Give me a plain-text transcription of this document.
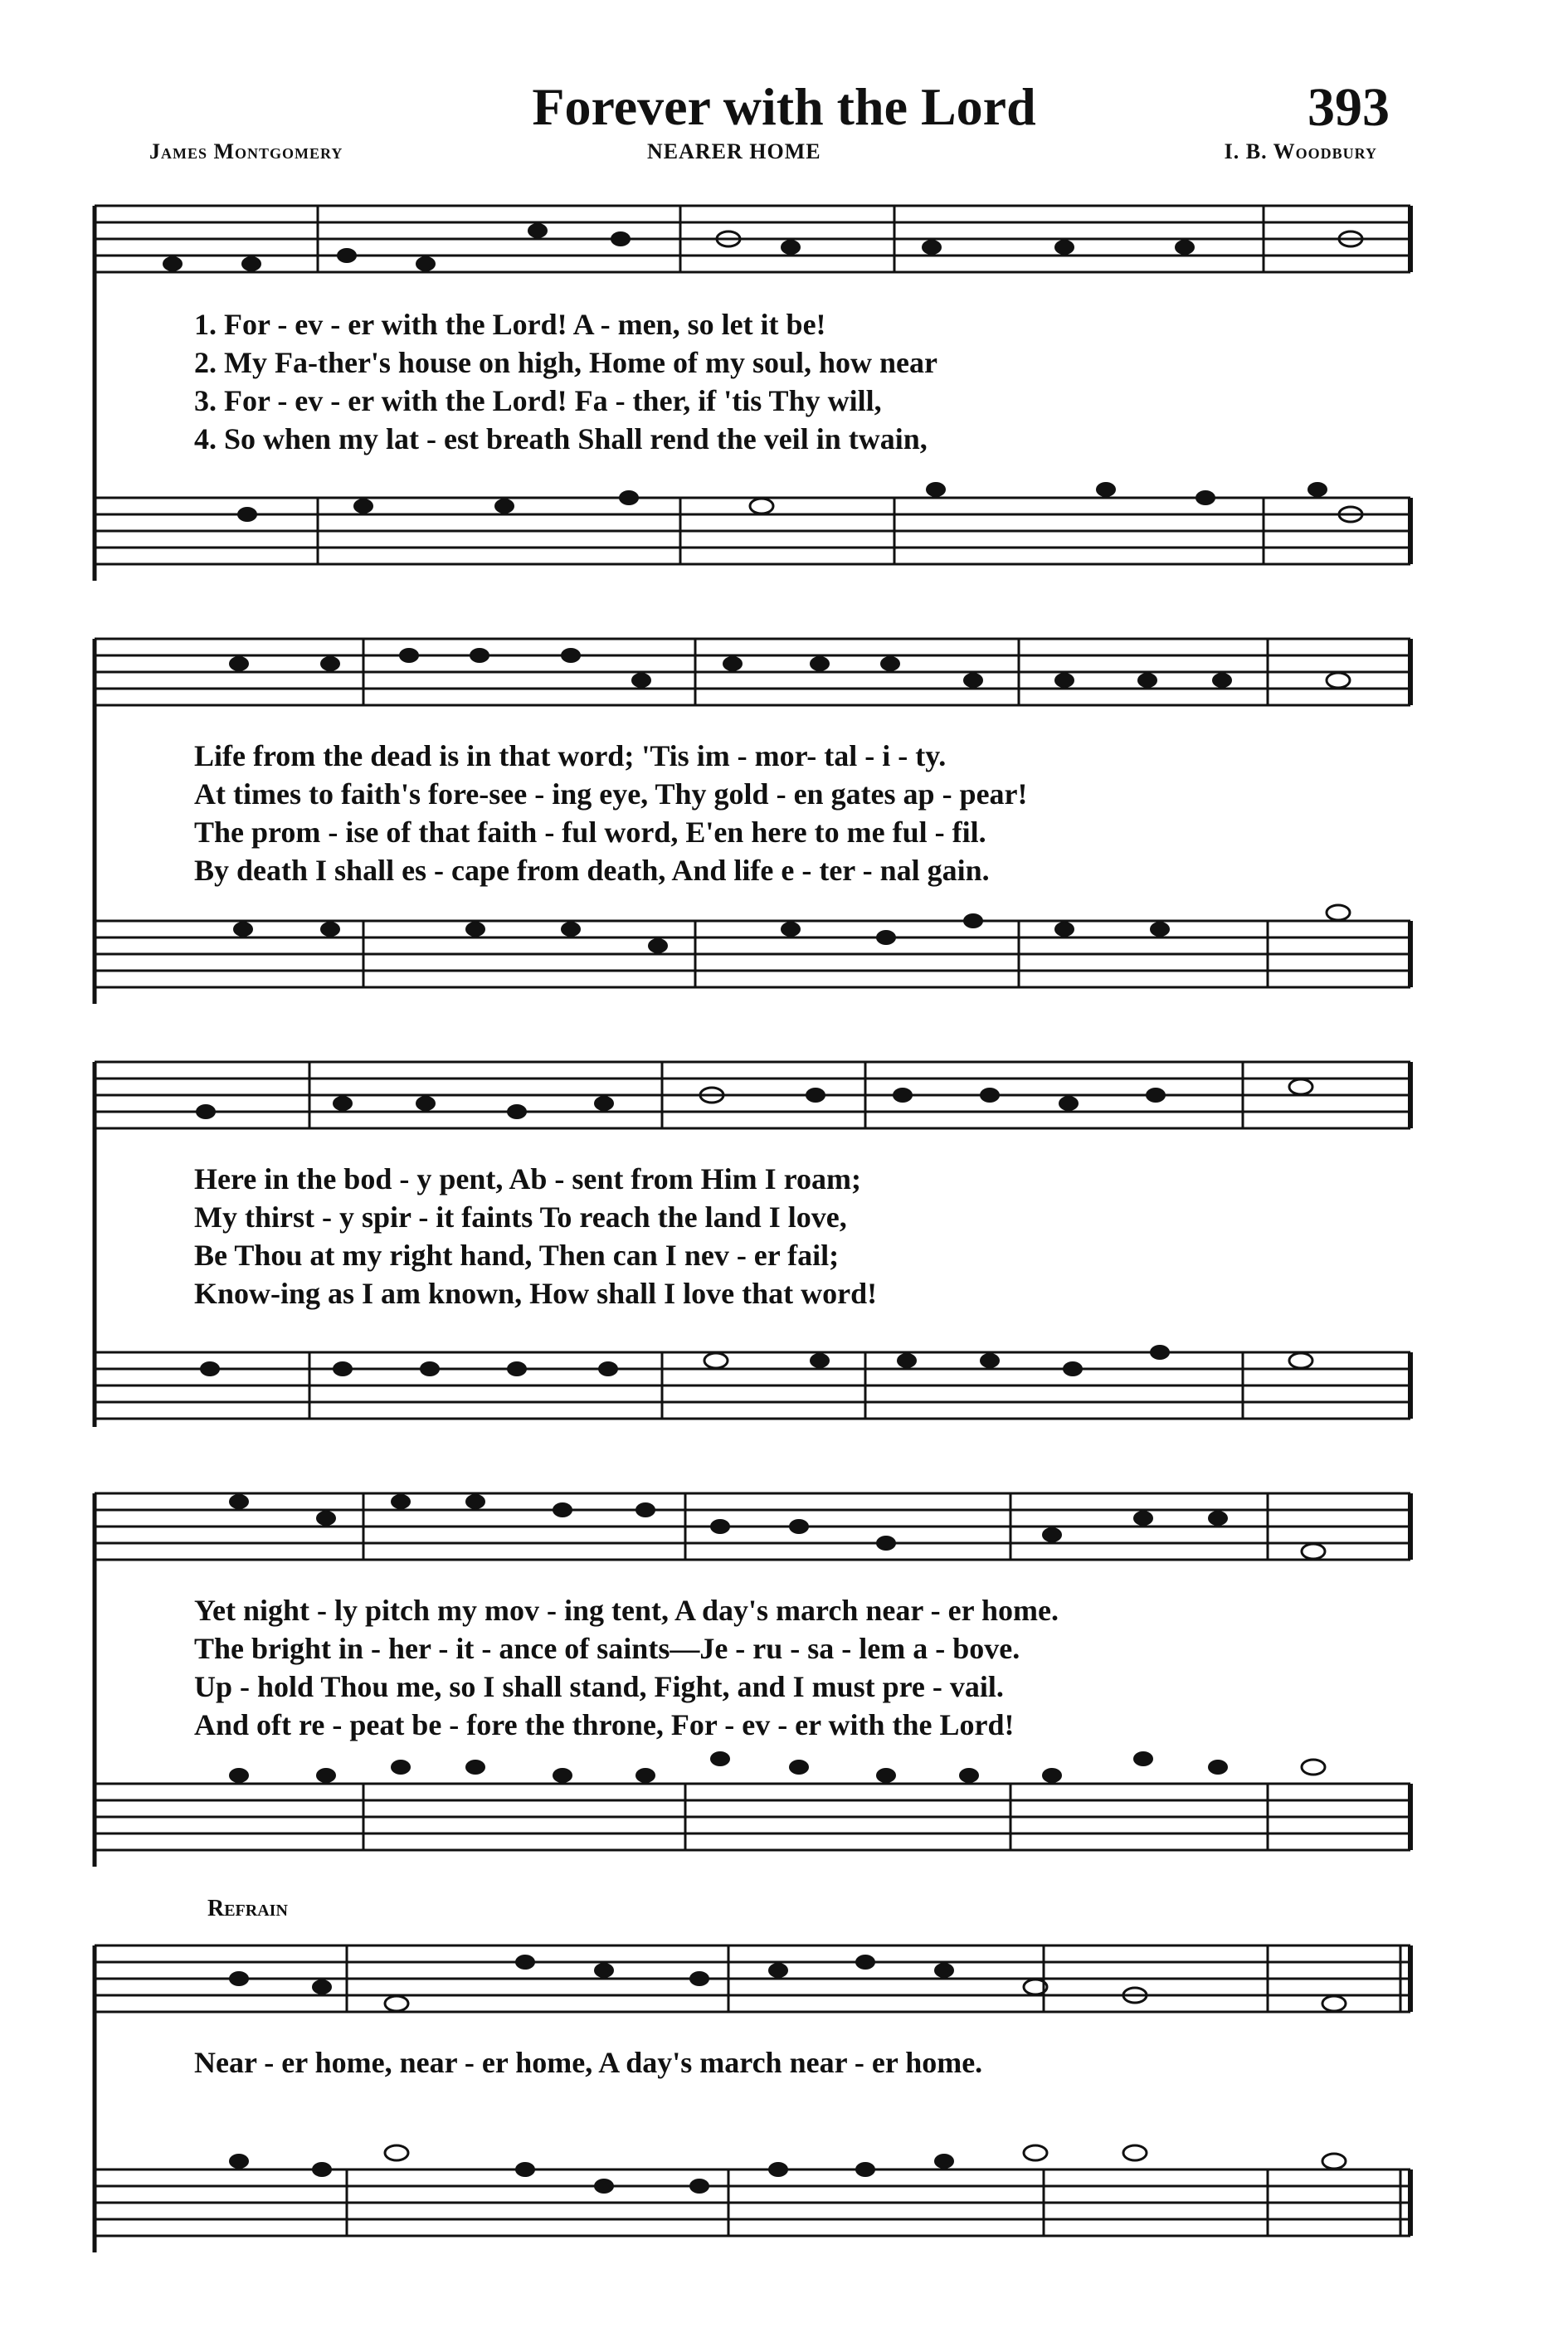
Forever with the Lord	393
James Montgomery	NEARER HOME	I. B. Woodbury
1. For - ev - er with the Lord! A - men, so let it be!
2. My Fa-ther's house on high, Home of my soul, how near
3. For - ev - er with the Lord! Fa - ther, if 'tis Thy will,
4. So when my lat - est breath Shall rend the veil in twain,
Life from the dead is in that word; 'Tis im - mor- tal - i - ty.
At times to faith's fore-see - ing eye, Thy gold - en gates ap - pear!
The prom - ise of that faith - ful word, E'en here to me ful - fil.
By death I shall es - cape from death, And life e - ter - nal gain.
Here in the bod - y pent, Ab - sent from Him I roam;
My thirst - y spir - it faints To reach the land I love,
Be Thou at my right hand, Then can I nev - er fail;
Know-ing as I am known, How shall I love that word!
Yet night - ly pitch my mov - ing tent, A day's march near - er home.
The bright in - her - it - ance of saints—Je - ru - sa - lem a - bove.
Up - hold Thou me, so I shall stand, Fight, and I must pre - vail.
And oft re - peat be - fore the throne, For - ev - er with the Lord!
Refrain
Near - er home, near - er home, A day's march near - er home.
